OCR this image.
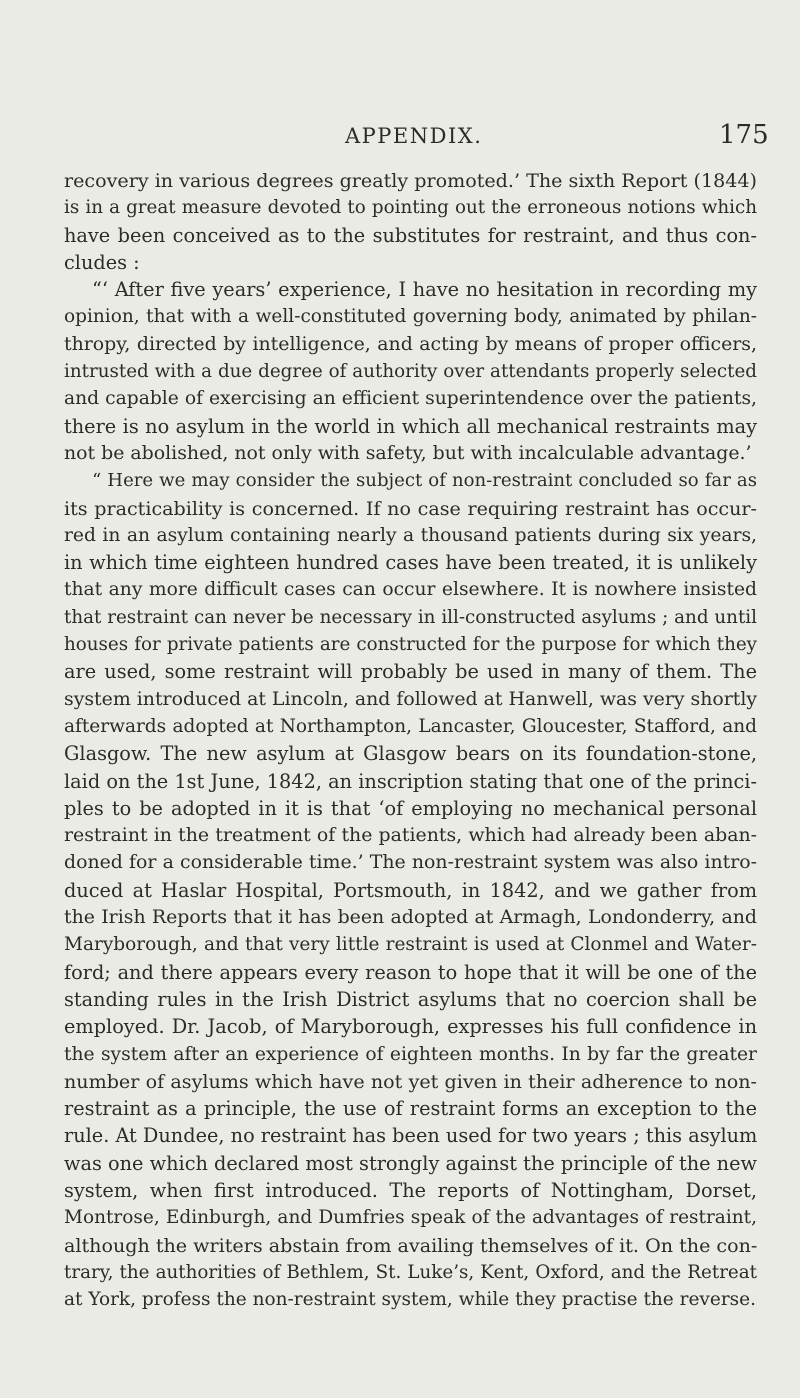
APPENDIX.	175
recovery in various degrees greatly promoted.’ The sixth Report (1844)
is in a great measure devoted to pointing out the erroneous notions which
have been conceived as to the substitutes for restraint, and thus con-
cludes :
“‘ After five years’ experience, I have no hesitation in recording my
opinion, that with a well-constituted governing body, animated by philan-
thropy, directed by intelligence, and acting by means of proper officers,
intrusted with a due degree of authority over attendants properly selected
and capable of exercising an efficient superintendence over the patients,
there is no asylum in the world in which all mechanical restraints may
not be abolished, not only with safety, but with incalculable advantage.’
“ Here we may consider the subject of non-restraint concluded so far as
its practicability is concerned. If no case requiring restraint has occur-
red in an asylum containing nearly a thousand patients during six years,
in which time eighteen hundred cases have been treated, it is unlikely
that any more difficult cases can occur elsewhere. It is nowhere insisted
that restraint can never be necessary in ill-constructed asylums ; and until
houses for private patients are constructed for the purpose for which they
are used, some restraint will probably be used in many of them. The
system introduced at Lincoln, and followed at Hanwell, was very shortly
afterwards adopted at Northampton, Lancaster, Gloucester, Stafford, and
Glasgow. The new asylum at Glasgow bears on its foundation-stone,
laid on the 1st June, 1842, an inscription stating that one of the princi-
ples to be adopted in it is that ‘of employing no mechanical personal
restraint in the treatment of the patients, which had already been aban-
doned for a considerable time.’ The non-restraint system was also intro-
duced at Haslar Hospital, Portsmouth, in 1842, and we gather from
the Irish Reports that it has been adopted at Armagh, Londonderry, and
Maryborough, and that very little restraint is used at Clonmel and Water-
ford; and there appears every reason to hope that it will be one of the
standing rules in the Irish District asylums that no coercion shall be
employed. Dr. Jacob, of Maryborough, expresses his full confidence in
the system after an experience of eighteen months. In by far the greater
number of asylums which have not yet given in their adherence to non-
restraint as a principle, the use of restraint forms an exception to the
rule. At Dundee, no restraint has been used for two years ; this asylum
was one which declared most strongly against the principle of the new
system, when first introduced. The reports of Nottingham, Dorset,
Montrose, Edinburgh, and Dumfries speak of the advantages of restraint,
although the writers abstain from availing themselves of it. On the con-
trary, the authorities of Bethlem, St. Luke’s, Kent, Oxford, and the Retreat
at York, profess the non-restraint system, while they practise the reverse.
